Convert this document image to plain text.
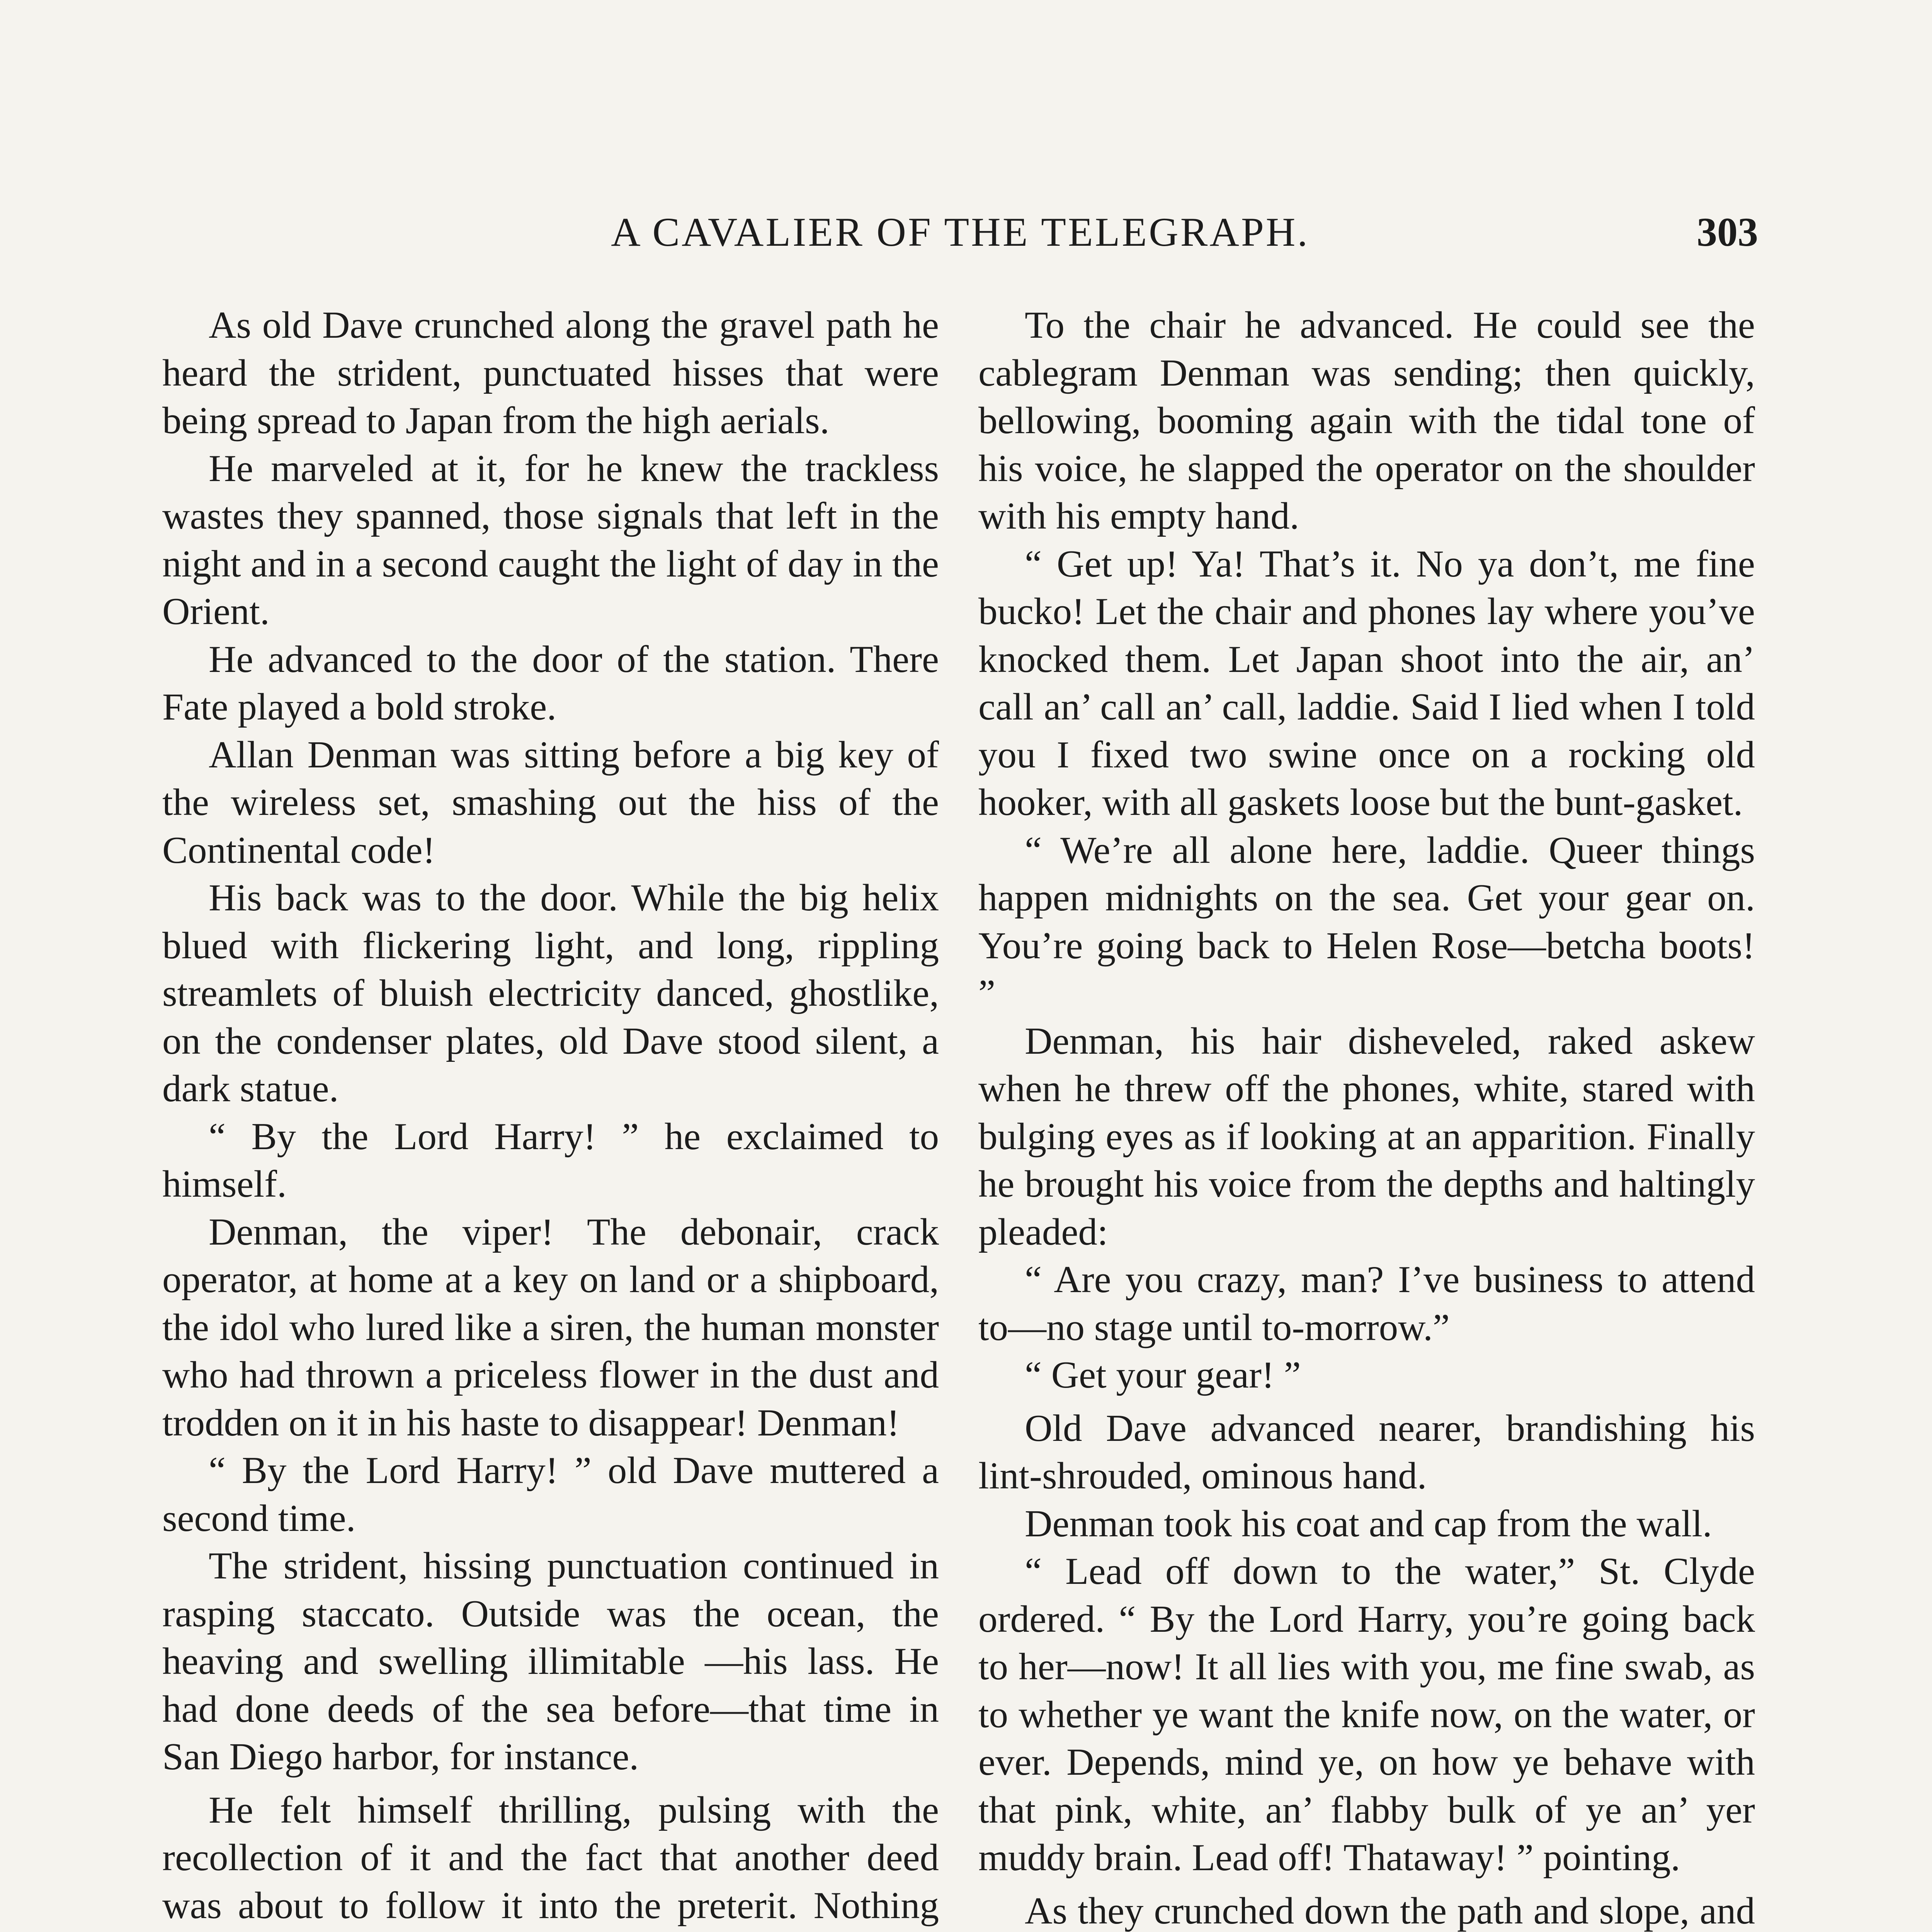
A CAVALIER OF THE TELEGRAPH.	303

As old Dave crunched along the gravel path he heard the strident, punctuated hisses that were being spread to Japan from the high aerials.

He marveled at it, for he knew the trackless wastes they spanned, those signals that left in the night and in a second caught the light of day in the Orient.

He advanced to the door of the station. There Fate played a bold stroke.

Allan Denman was sitting before a big key of the wireless set, smashing out the hiss of the Continental code!

His back was to the door. While the big helix blued with flickering light, and long, rippling streamlets of bluish electricity danced, ghostlike, on the condenser plates, old Dave stood silent, a dark statue.

“ By the Lord Harry! ” he exclaimed to himself.

Denman, the viper! The debonair, crack operator, at home at a key on land or a shipboard, the idol who lured like a siren, the human monster who had thrown a priceless flower in the dust and trodden on it in his haste to disappear! Denman!

“ By the Lord Harry! ” old Dave muttered a second time.

The strident, hissing punctuation continued in rasping staccato. Outside was the ocean, the heaving and swelling illimitable —his lass. He had done deeds of the sea before—that time in San Diego harbor, for instance.

He felt himself thrilling, pulsing with the recollection of it and the fact that another deed was about to follow it into the preterit. Nothing

To the chair he advanced. He could see the cablegram Denman was sending; then quickly, bellowing, booming again with the tidal tone of his voice, he slapped the operator on the shoulder with his empty hand.

“ Get up! Ya! That’s it. No ya don’t, me fine bucko! Let the chair and phones lay where you’ve knocked them. Let Japan shoot into the air, an’ call an’ call an’ call, laddie. Said I lied when I told you I fixed two swine once on a rocking old hooker, with all gaskets loose but the bunt-gasket.

“ We’re all alone here, laddie. Queer things happen midnights on the sea. Get your gear on. You’re going back to Helen Rose—betcha boots! ”

Denman, his hair disheveled, raked askew when he threw off the phones, white, stared with bulging eyes as if looking at an apparition. Finally he brought his voice from the depths and haltingly pleaded:

“ Are you crazy, man? I’ve business to attend to—no stage until to-morrow.”

“ Get your gear! ”

Old Dave advanced nearer, brandishing his lint-shrouded, ominous hand.

Denman took his coat and cap from the wall.

“ Lead off down to the water,” St. Clyde ordered. “ By the Lord Harry, you’re going back to her—now! It all lies with you, me fine swab, as to whether ye want the knife now, on the water, or ever. Depends, mind ye, on how ye behave with that pink, white, an’ flabby bulk of ye an’ yer muddy brain. Lead off! Thataway! ” pointing.

As they crunched down the path and slope, and
